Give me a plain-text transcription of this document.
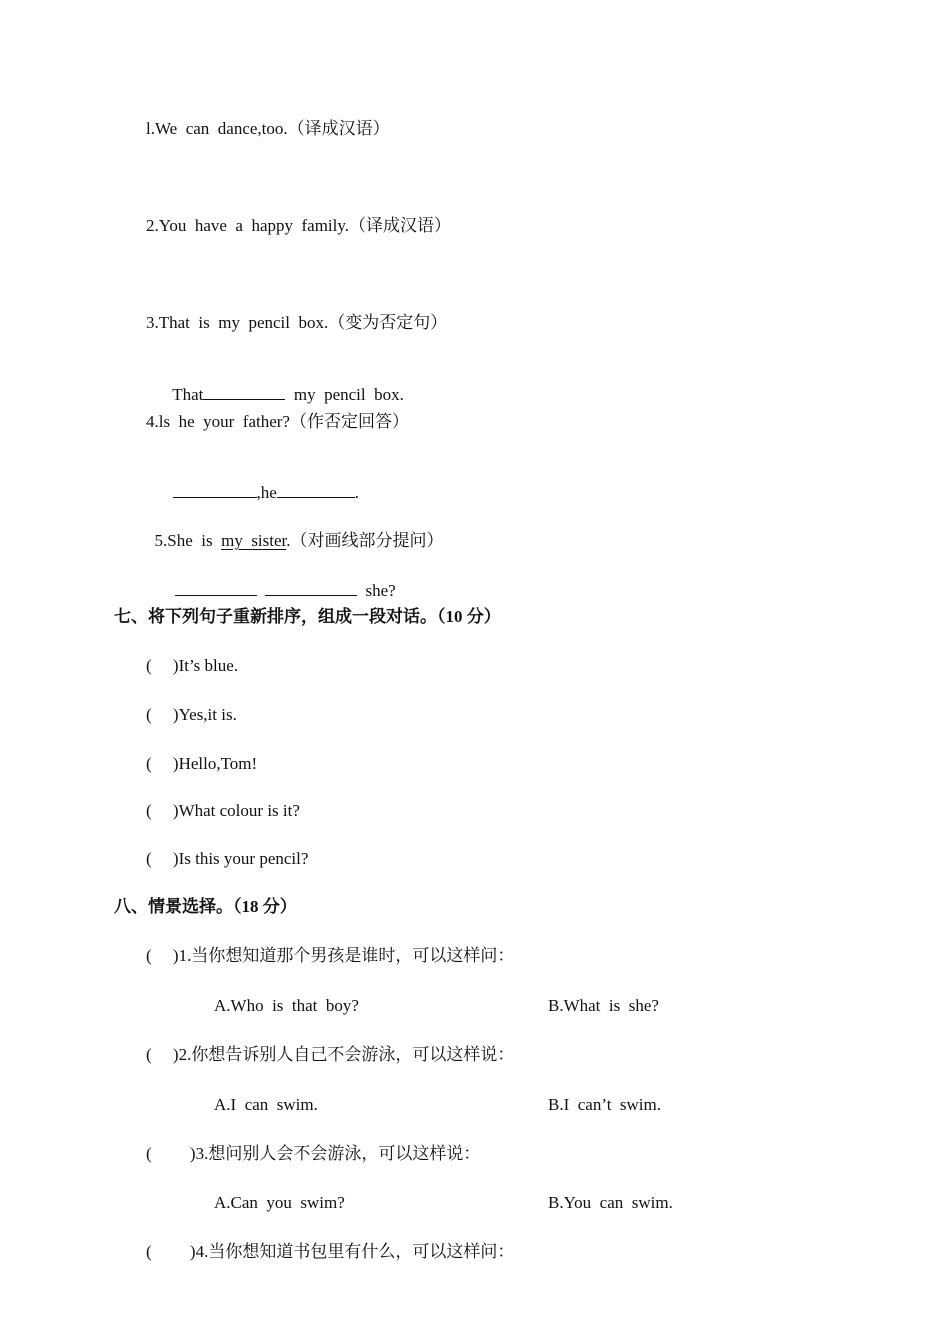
l.We  can  dance,too.（译成汉语）
2.You  have  a  happy  family.（译成汉语）
3.That  is  my  pencil  box.（变为否定句）

That	my  pencil  box.

4.ls  he  your  father?（作否定回答）

,he	.

5.She  is  my  sister.（对画线部分提问）

she?

七、将下列句子重新排序，组成一段对话。（10 分）
(     )It’s blue.
(     )Yes,it is.
(     )Hello,Tom!
(     )What colour is it?
(     )Is this your pencil?
八、情景选择。（18 分）
(     )1.当你想知道那个男孩是谁时，可以这样问：
A.Who  is  that  boy?	B.What  is  she?
(     )2.你想告诉别人自己不会游泳，可以这样说：
A.I  can  swim.	B.I  can’t  swim.
(         )3.想问别人会不会游泳，可以这样说：
A.Can  you  swim?	B.You  can  swim.
(         )4.当你想知道书包里有什么，可以这样问：
